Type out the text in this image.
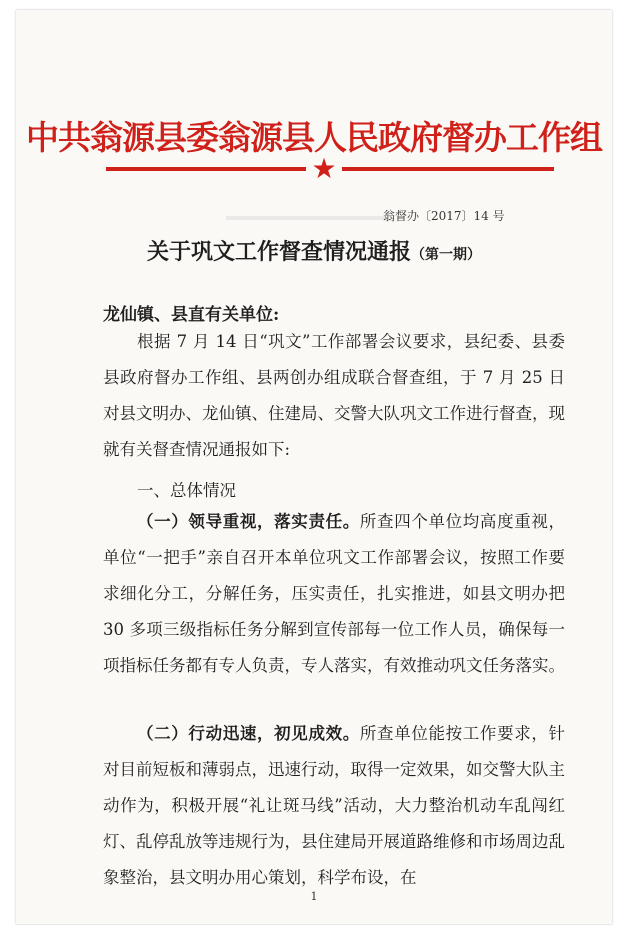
中共翁源县委翁源县人民政府督办工作组
★
翁督办〔2017〕14 号
关于巩文工作督查情况通报（第一期）
龙仙镇、县直有关单位:
根据 7 月 14 日“巩文”工作部署会议要求，县纪委、县委县政府督办工作组、县两创办组成联合督查组，于 7 月 25 日对县文明办、龙仙镇、住建局、交警大队巩文工作进行督查，现就有关督查情况通报如下:
一、总体情况
（一）领导重视，落实责任。所查四个单位均高度重视，单位“一把手”亲自召开本单位巩文工作部署会议，按照工作要求细化分工，分解任务，压实责任，扎实推进，如县文明办把 30 多项三级指标任务分解到宣传部每一位工作人员，确保每一项指标任务都有专人负责，专人落实，有效推动巩文任务落实。
（二）行动迅速，初见成效。所查单位能按工作要求，针对目前短板和薄弱点，迅速行动，取得一定效果，如交警大队主动作为，积极开展“礼让斑马线”活动，大力整治机动车乱闯红灯、乱停乱放等违规行为，县住建局开展道路维修和市场周边乱象整治，县文明办用心策划，科学布设，在
1
